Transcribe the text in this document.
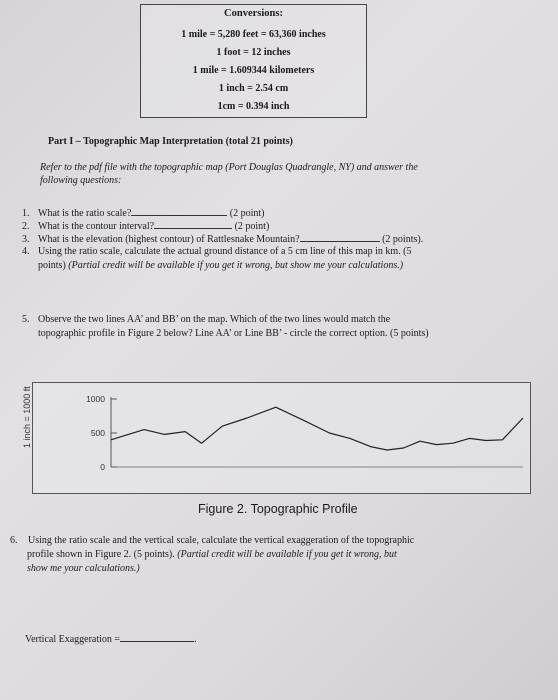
Conversions:
1 mile = 5,280 feet = 63,360 inches
1 foot = 12 inches
1 mile = 1.609344 kilometers
1 inch = 2.54 cm
1cm = 0.394 inch
Part I – Topographic Map Interpretation (total 21 points)
Refer to the pdf file with the topographic map (Port Douglas Quadrangle, NY) and answer the
following questions:
1. What is the ratio scale?	(2 point)
2. What is the contour interval?	(2 point)
3. What is the elevation (highest contour) of Rattlesnake Mountain?	(2 points).
4. Using the ratio scale, calculate the actual ground distance of a 5 cm line of this map in km. (5
points) (Partial credit will be available if you get it wrong, but show me your calculations.)
5. Observe the two lines AA’ and BB’ on the map. Which of the two lines would match the
topographic profile in Figure 2 below? Line AA’ or Line BB’ - circle the correct option. (5 points)
0
500
1000
1 inch = 1000 ft
Figure 2. Topographic Profile
6. Using the ratio scale and the vertical scale, calculate the vertical exaggeration of the topographic
profile shown in Figure 2. (5 points). (Partial credit will be available if you get it wrong, but
show me your calculations.)
Vertical Exaggeration =	.
